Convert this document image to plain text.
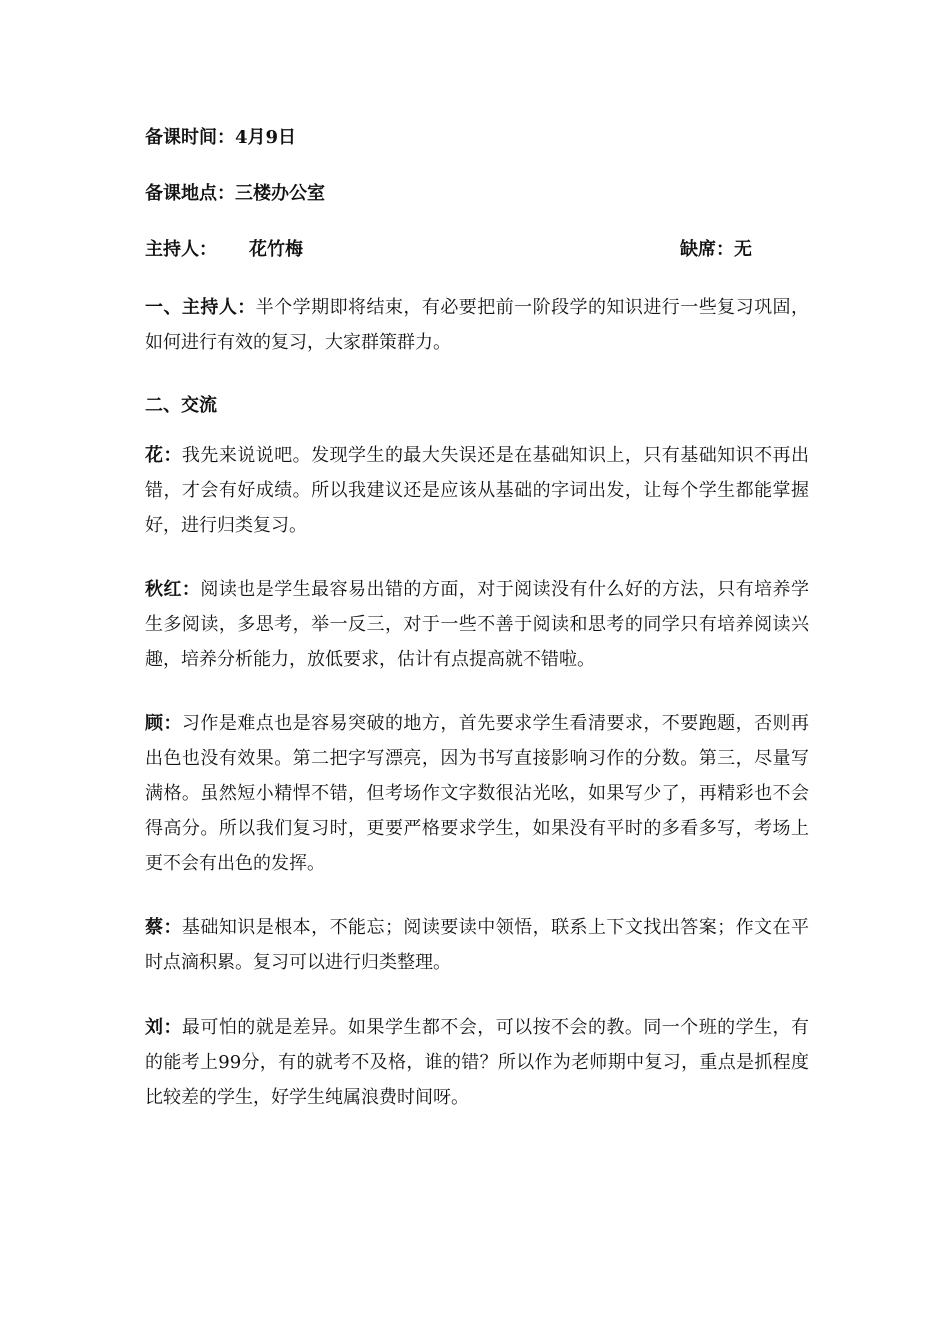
备课时间：4月9日
备课地点：三楼办公室
主持人： 花竹梅	缺席：无

一、主持人：半个学期即将结束，有必要把前一阶段学的知识进行一些复习巩固，如何进行有效的复习，大家群策群力。

二、交流

花：我先来说说吧。发现学生的最大失误还是在基础知识上，只有基础知识不再出错，才会有好成绩。所以我建议还是应该从基础的字词出发，让每个学生都能掌握好，进行归类复习。

秋红：阅读也是学生最容易出错的方面，对于阅读没有什么好的方法，只有培养学生多阅读，多思考，举一反三，对于一些不善于阅读和思考的同学只有培养阅读兴趣，培养分析能力，放低要求，估计有点提高就不错啦。

顾：习作是难点也是容易突破的地方，首先要求学生看清要求，不要跑题，否则再出色也没有效果。第二把字写漂亮，因为书写直接影响习作的分数。第三，尽量写满格。虽然短小精悍不错，但考场作文字数很沾光吆，如果写少了，再精彩也不会得高分。所以我们复习时，更要严格要求学生，如果没有平时的多看多写，考场上更不会有出色的发挥。

蔡：基础知识是根本，不能忘；阅读要读中领悟，联系上下文找出答案；作文在平时点滴积累。复习可以进行归类整理。

刘：最可怕的就是差异。如果学生都不会，可以按不会的教。同一个班的学生，有的能考上99分，有的就考不及格，谁的错？所以作为老师期中复习，重点是抓程度比较差的学生，好学生纯属浪费时间呀。
